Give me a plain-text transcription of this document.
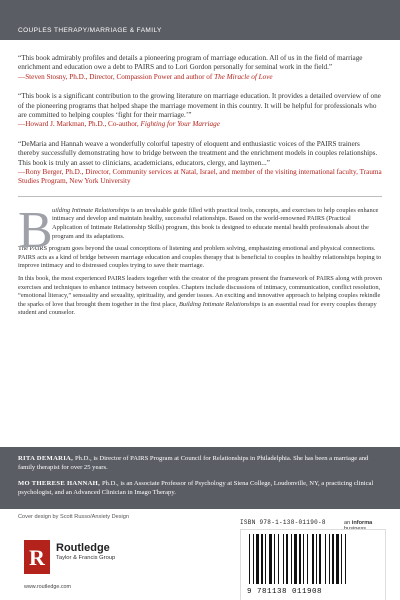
COUPLES THERAPY/MARRIAGE & FAMILY
“This book admirably profiles and details a pioneering program of marriage education. All of us in the field of marriage enrichment and education owe a debt to PAIRS and to Lori Gordon personally for seminal work in the field.”
—Steven Stosny, Ph.D., Director, Compassion Power and author of The Miracle of Love
“This book is a significant contribution to the growing literature on marriage education. It provides a detailed overview of one of the pioneering programs that helped shape the marriage movement in this country. It will be helpful for professionals who are committed to helping couples ‘fight for their marriage.’”
—Howard J. Markman, Ph.D., Co-author, Fighting for Your Marriage
“DeMaria and Hannah weave a wonderfully colorful tapestry of eloquent and enthusiastic voices of the PAIRS trainers thereby successfully demonstrating how to bridge between the treatment and the enrichment models in couples relationships. This book is truly an asset to clinicians, academicians, educators, clergy, and laymen...”
—Rony Berger, Ph.D., Director, Community services at Natal, Israel, and member of the visiting international faculty, Trauma Studies Program, New York University
B uilding Intimate Relationships is an invaluable guide filled with practical tools, concepts, and exercises to help couples enhance intimacy and develop and maintain healthy, successful relationships. Based on the world-renowned PAIRS (Practical Application of Intimate Relationship Skills) program, this book is designed to educate mental health professionals about the program and its adaptations.

The PAIRS program goes beyond the usual conceptions of listening and problem solving, emphasizing emotional and physical connections. PAIRS acts as a kind of bridge between marriage education and couples therapy that is beneficial to couples in healthy relationships hoping to improve intimacy and to distressed couples trying to save their marriage.

In this book, the most experienced PAIRS leaders together with the creator of the program present the framework of PAIRS along with proven exercises and techniques to enhance intimacy between couples. Chapters include discussions of intimacy, communication, conflict resolution, “emotional literacy,” sensuality and sexuality, spirituality, and gender issues. An exciting and innovative approach to helping couples rekindle the sparks of love that brought them together in the first place, Building Intimate Relationships is an essential read for every couples therapy student and counselor.

RITA DEMARIA, Ph.D., is Director of PAIRS Program at Council for Relationships in Philadelphia. She has been a marriage and family therapist for over 25 years.
MO THERESE HANNAH, Ph.D., is an Associate Professor of Psychology at Siena College, Loudonville, NY, a practicing clinical psychologist, and an Advanced Clinician in Imago Therapy.
Cover design by Scott Russo/Anxiety Design
R Routledge
Taylor & Francis Group
www.routledge.com
ISBN 978-1-138-01190-8	an informa
9 781138 011908
